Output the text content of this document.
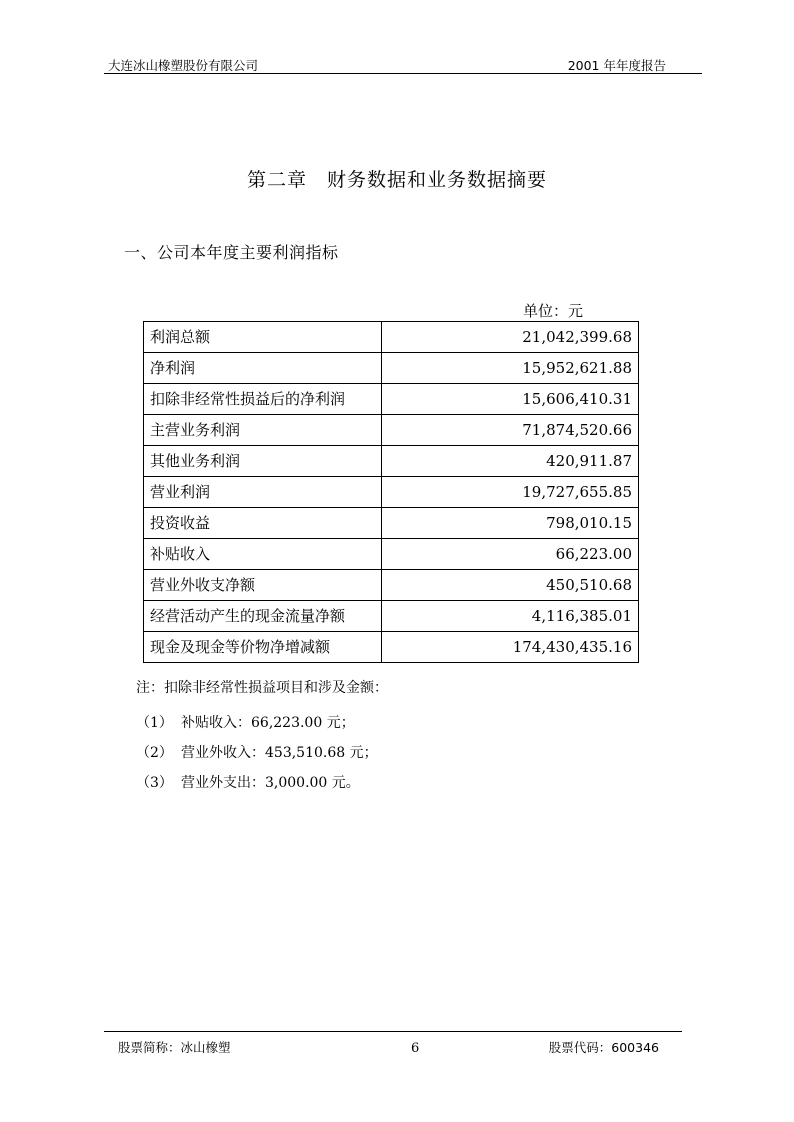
大连冰山橡塑股份有限公司	2001 年年度报告
第二章　财务数据和业务数据摘要
一、公司本年度主要利润指标
单位：元
利润总额	21,042,399.68
净利润	15,952,621.88
扣除非经常性损益后的净利润	15,606,410.31
主营业务利润	71,874,520.66
其他业务利润	420,911.87
营业利润	19,727,655.85
投资收益	798,010.15
补贴收入	66,223.00
营业外收支净额	450,510.68
经营活动产生的现金流量净额	4,116,385.01
现金及现金等价物净增减额	174,430,435.16
注：扣除非经常性损益项目和涉及金额：
（1） 补贴收入：66,223.00 元；
（2） 营业外收入：453,510.68 元；
（3） 营业外支出：3,000.00 元。
股票简称：冰山橡塑	6	股票代码：600346
